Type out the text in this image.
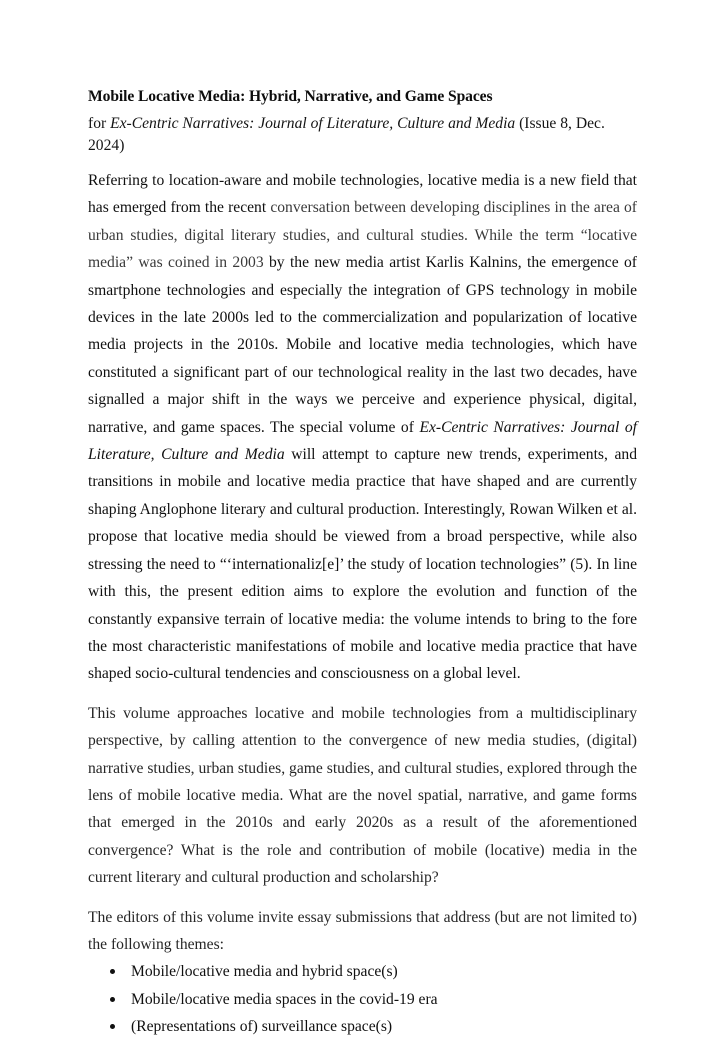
Mobile Locative Media: Hybrid, Narrative, and Game Spaces

for Ex-Centric Narratives: Journal of Literature, Culture and Media (Issue 8, Dec. 2024)

Referring to location-aware and mobile technologies, locative media is a new field that has emerged from the recent conversation between developing disciplines in the area of urban studies, digital literary studies, and cultural studies. While the term “locative media” was coined in 2003 by the new media artist Karlis Kalnins, the emergence of smartphone technologies and especially the integration of GPS technology in mobile devices in the late 2000s led to the commercialization and popularization of locative media projects in the 2010s. Mobile and locative media technologies, which have constituted a significant part of our technological reality in the last two decades, have signalled a major shift in the ways we perceive and experience physical, digital, narrative, and game spaces. The special volume of Ex-Centric Narratives: Journal of Literature, Culture and Media will attempt to capture new trends, experiments, and transitions in mobile and locative media practice that have shaped and are currently shaping Anglophone literary and cultural production. Interestingly, Rowan Wilken et al. propose that locative media should be viewed from a broad perspective, while also stressing the need to “‘internationaliz[e]’ the study of location technologies” (5). In line with this, the present edition aims to explore the evolution and function of the constantly expansive terrain of locative media: the volume intends to bring to the fore the most characteristic manifestations of mobile and locative media practice that have shaped socio-cultural tendencies and consciousness on a global level.

This volume approaches locative and mobile technologies from a multidisciplinary perspective, by calling attention to the convergence of new media studies, (digital) narrative studies, urban studies, game studies, and cultural studies, explored through the lens of mobile locative media. What are the novel spatial, narrative, and game forms that emerged in the 2010s and early 2020s as a result of the aforementioned convergence? What is the role and contribution of mobile (locative) media in the current literary and cultural production and scholarship?

The editors of this volume invite essay submissions that address (but are not limited to) the following themes:

Mobile/locative media and hybrid space(s)
Mobile/locative media spaces in the covid-19 era
(Representations of) surveillance space(s)
